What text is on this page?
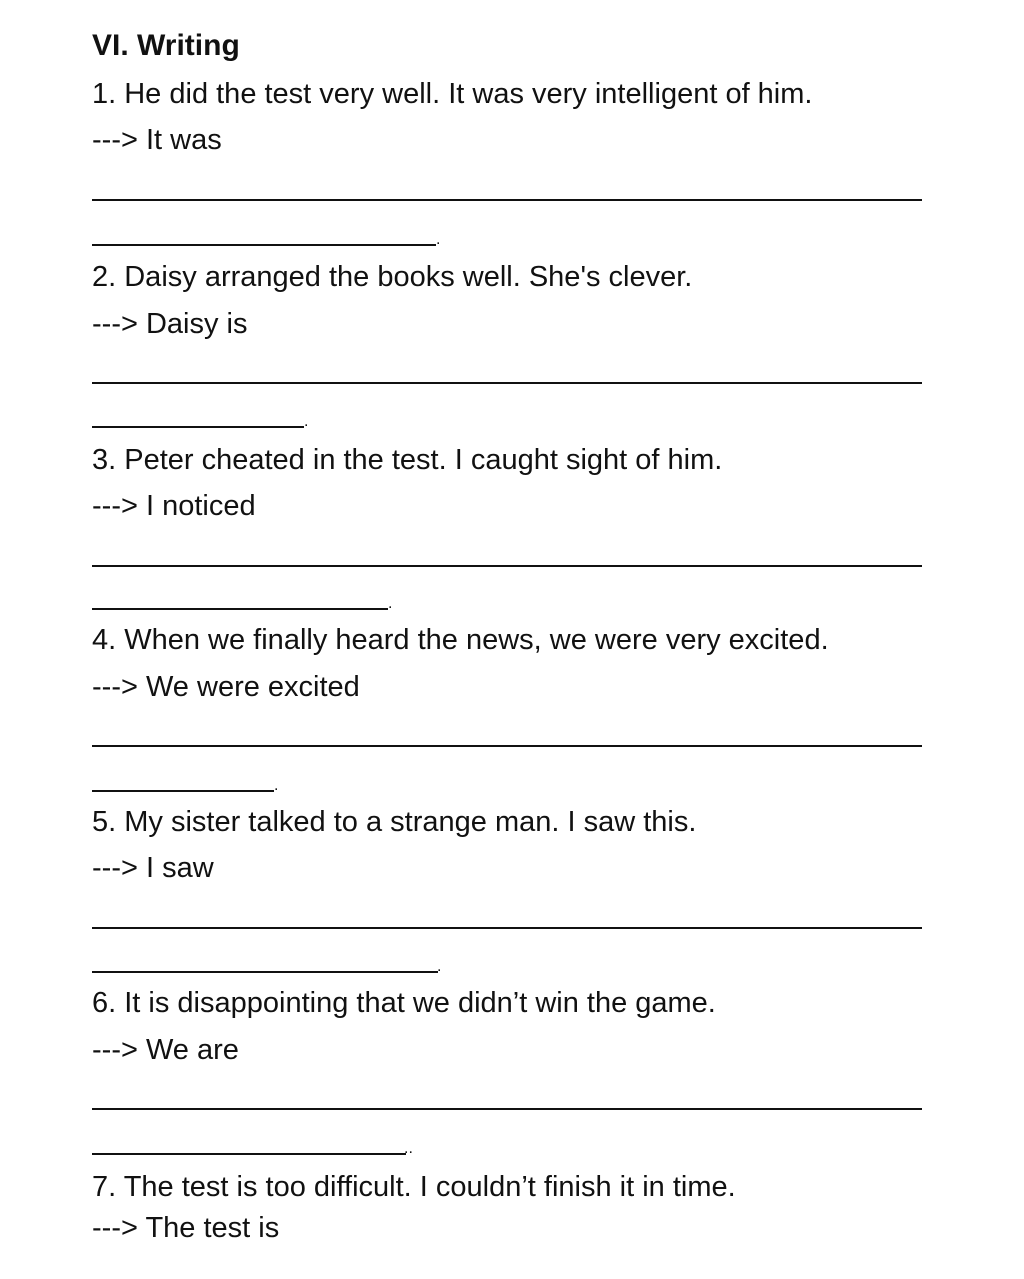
VI. Writing
1. He did the test very well. It was very intelligent of him.
---> It was
.
2. Daisy arranged the books well. She's clever.
---> Daisy is
.
3. Peter cheated in the test. I caught sight of him.
---> I noticed
.
4. When we finally heard the news, we were very excited.
---> We were excited
.
5. My sister talked to a strange man. I saw this.
---> I saw
.
6. It is disappointing that we didn’t win the game.
---> We are
..
7. The test is too difficult. I couldn’t finish it in time.
---> The test is
